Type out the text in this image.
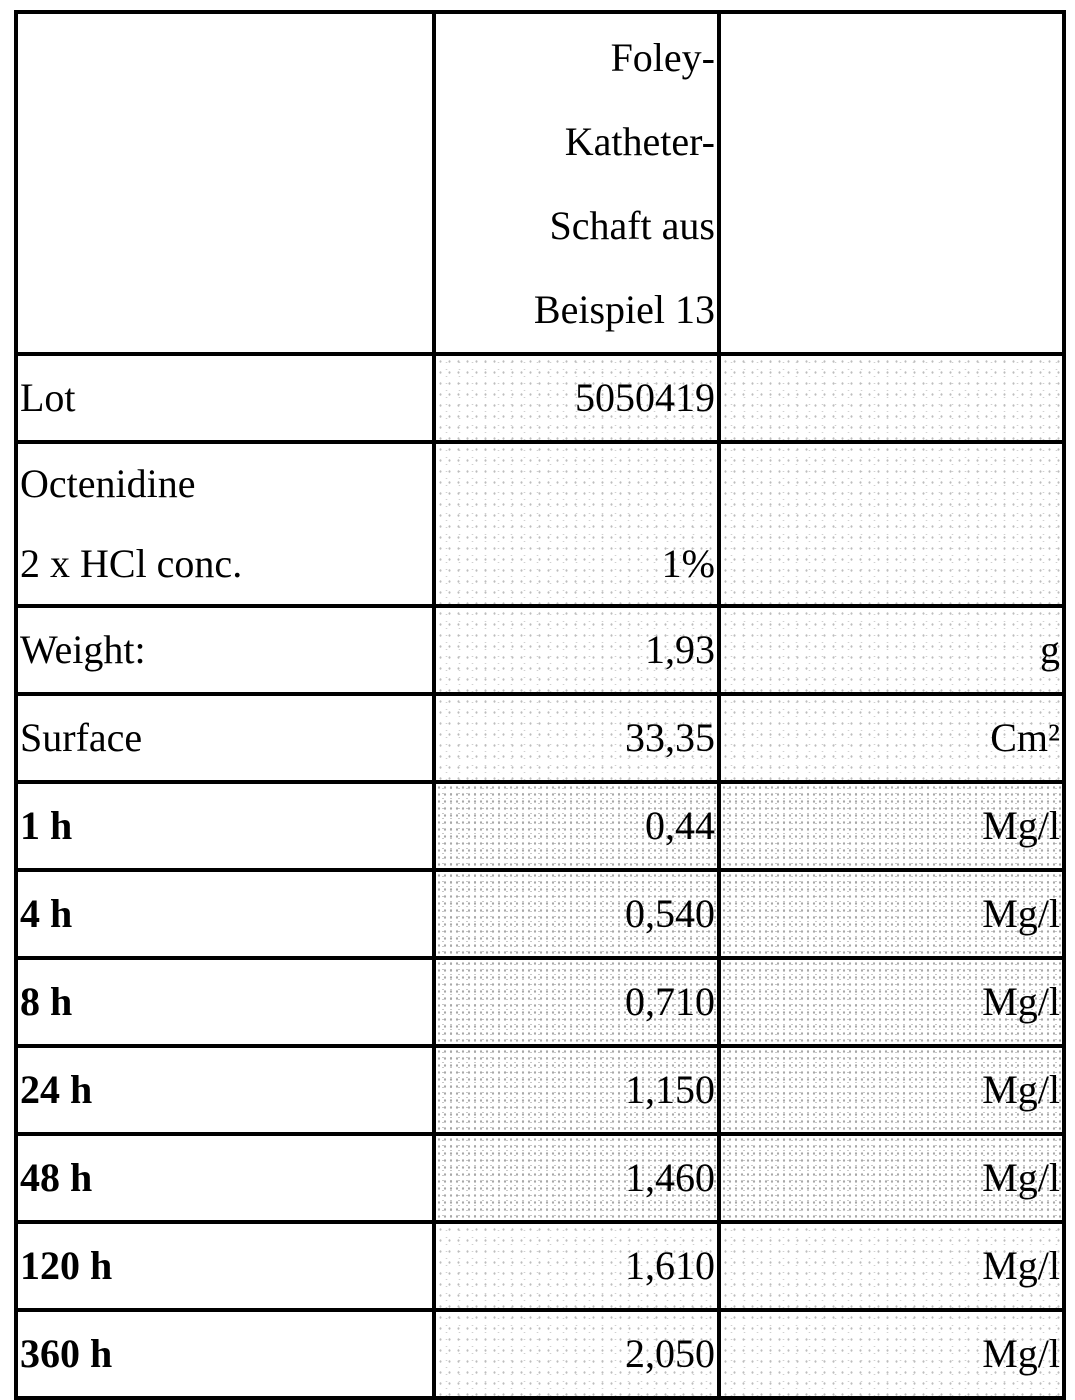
	Foley-
Katheter-
Schaft aus
Beispiel 13	

Lot	5050419	

Octenidine
2 x HCl conc.	1%	
Weight:	1,93	g
Surface	33,35	Cm²
1 h	0,44	Mg/l
4 h	0,540	Mg/l
8 h	0,710	Mg/l
24 h	1,150	Mg/l
48 h	1,460	Mg/l
120 h	1,610	Mg/l
360 h	2,050	Mg/l
